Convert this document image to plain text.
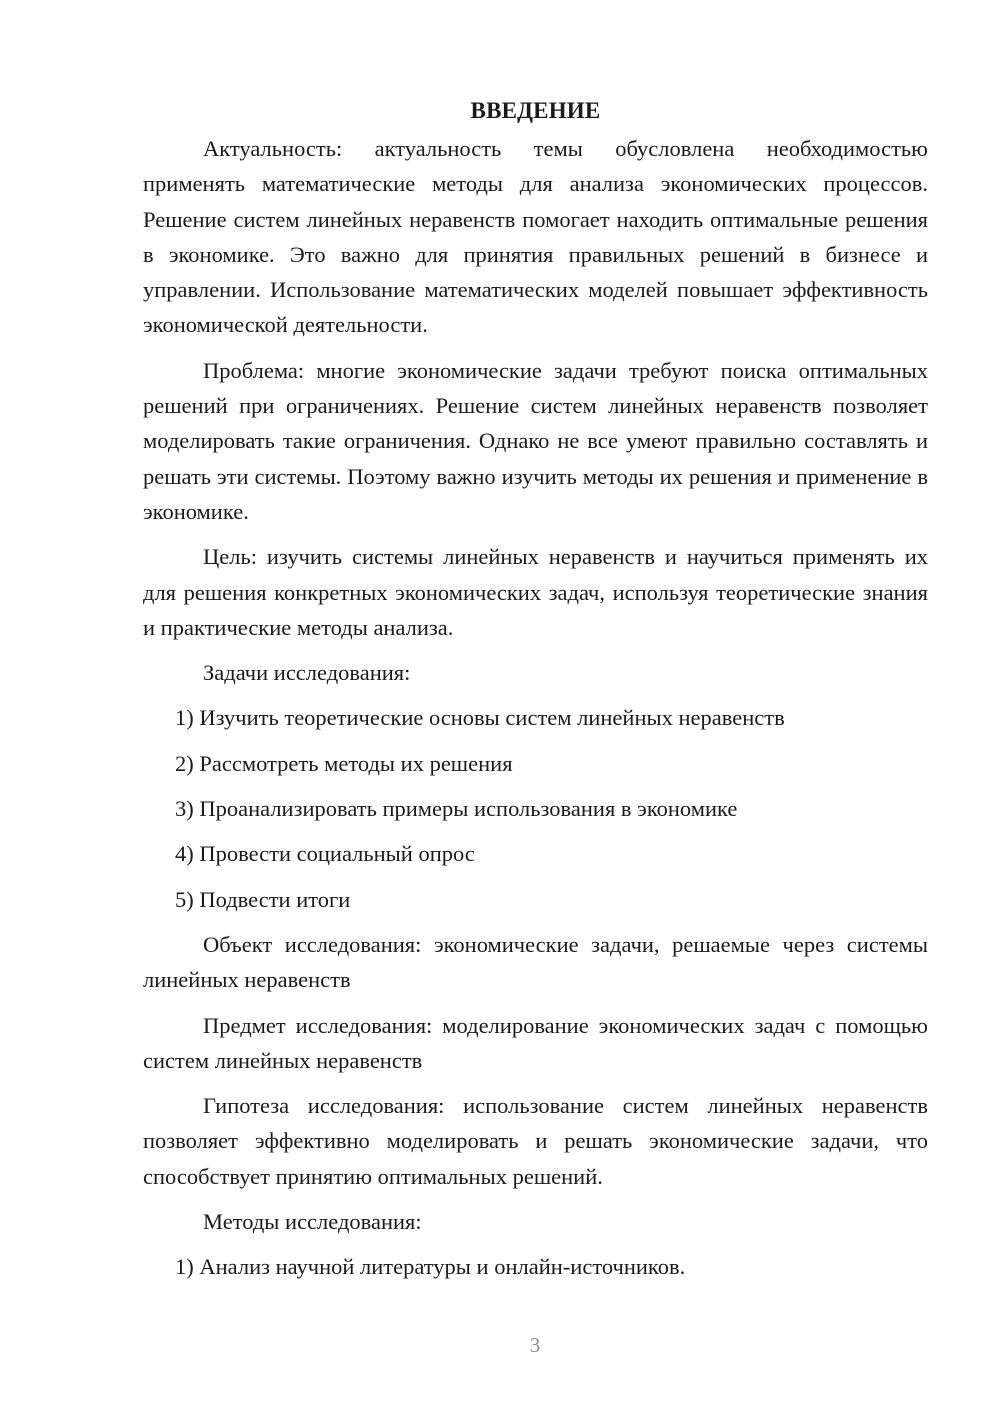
ВВЕДЕНИЕ

Актуальность: актуальность темы обусловлена необходимостью применять математические методы для анализа экономических процессов. Решение систем линейных неравенств помогает находить оптимальные решения в экономике. Это важно для принятия правильных решений в бизнесе и управлении. Использование математических моделей повышает эффективность экономической деятельности.

Проблема: многие экономические задачи требуют поиска оптимальных решений при ограничениях. Решение систем линейных неравенств позволяет моделировать такие ограничения. Однако не все умеют правильно составлять и решать эти системы. Поэтому важно изучить методы их решения и применение в экономике.

Цель: изучить системы линейных неравенств и научиться применять их для решения конкретных экономических задач, используя теоретические знания и практические методы анализа.

Задачи исследования:

1) Изучить теоретические основы систем линейных неравенств
2) Рассмотреть методы их решения
3) Проанализировать примеры использования в экономике
4) Провести социальный опрос
5) Подвести итоги

Объект исследования: экономические задачи, решаемые через системы линейных неравенств

Предмет исследования: моделирование экономических задач с помощью систем линейных неравенств

Гипотеза исследования: использование систем линейных неравенств позволяет эффективно моделировать и решать экономические задачи, что способствует принятию оптимальных решений.

Методы исследования:

1) Анализ научной литературы и онлайн-источников.
3
